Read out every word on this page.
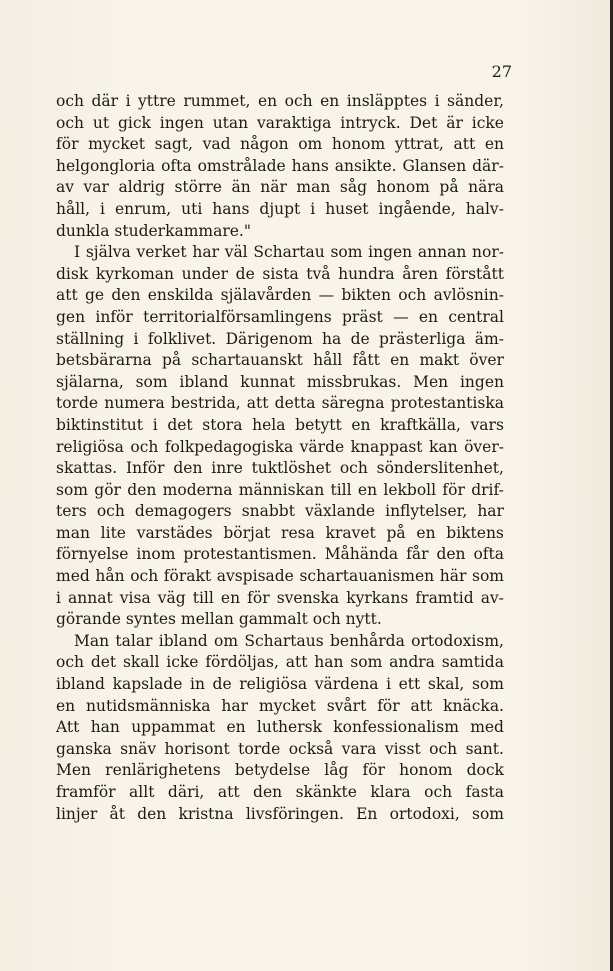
27
och där i yttre rummet, en och en insläpptes i sänder,
och ut gick ingen utan varaktiga intryck. Det är icke
för mycket sagt, vad någon om honom yttrat, att en
helgongloria ofta omstrålade hans ansikte. Glansen där-
av var aldrig större än när man såg honom på nära
håll, i enrum, uti hans djupt i huset ingående, halv-
dunkla studerkammare."
I själva verket har väl Schartau som ingen annan nor-
disk kyrkoman under de sista två hundra åren förstått
att ge den enskilda själavården — bikten och avlösnin-
gen inför territorialförsamlingens präst — en central
ställning i folklivet. Därigenom ha de prästerliga äm-
betsbärarna på schartauanskt håll fått en makt över
själarna, som ibland kunnat missbrukas. Men ingen
torde numera bestrida, att detta säregna protestantiska
biktinstitut i det stora hela betytt en kraftkälla, vars
religiösa och folkpedagogiska värde knappast kan över-
skattas. Inför den inre tuktlöshet och sönderslitenhet,
som gör den moderna människan till en lekboll för drif-
ters och demagogers snabbt växlande inflytelser, har
man lite varstädes börjat resa kravet på en biktens
förnyelse inom protestantismen. Måhända får den ofta
med hån och förakt avspisade schartauanismen här som
i annat visa väg till en för svenska kyrkans framtid av-
görande syntes mellan gammalt och nytt.
Man talar ibland om Schartaus benhårda ortodoxism,
och det skall icke fördöljas, att han som andra samtida
ibland kapslade in de religiösa värdena i ett skal, som
en nutidsmänniska har mycket svårt för att knäcka.
Att han uppammat en luthersk konfessionalism med
ganska snäv horisont torde också vara visst och sant.
Men renlärighetens betydelse låg för honom dock
framför allt däri, att den skänkte klara och fasta
linjer åt den kristna livsföringen. En ortodoxi, som
